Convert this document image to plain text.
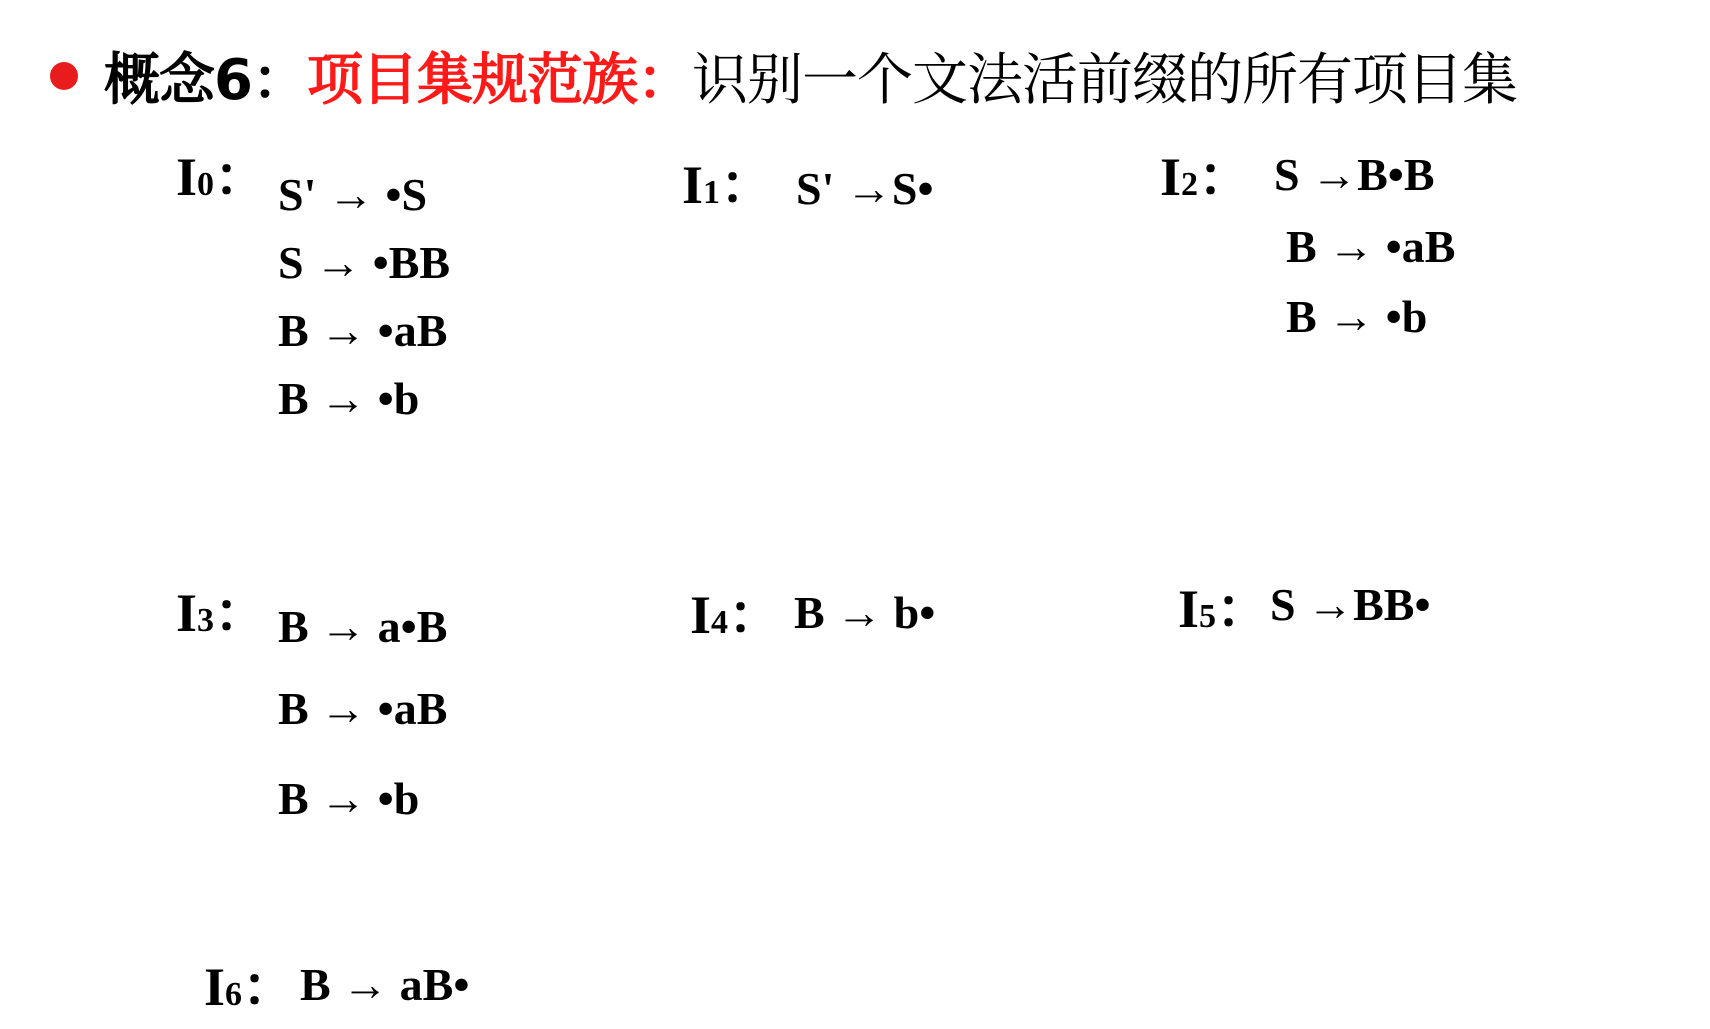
概念6： 项目集规范族： 识别一个文法活前缀的所有项目集
I0： S' → •S
S → •BB
B → •aB
B → •b
I1： S' →S•	I2： S →B•B
B → •aB
B → •b
I3： B → a•B
B → •aB
B → •b
I4： B → b•	I5： S →BB•
I6： B → aB•
